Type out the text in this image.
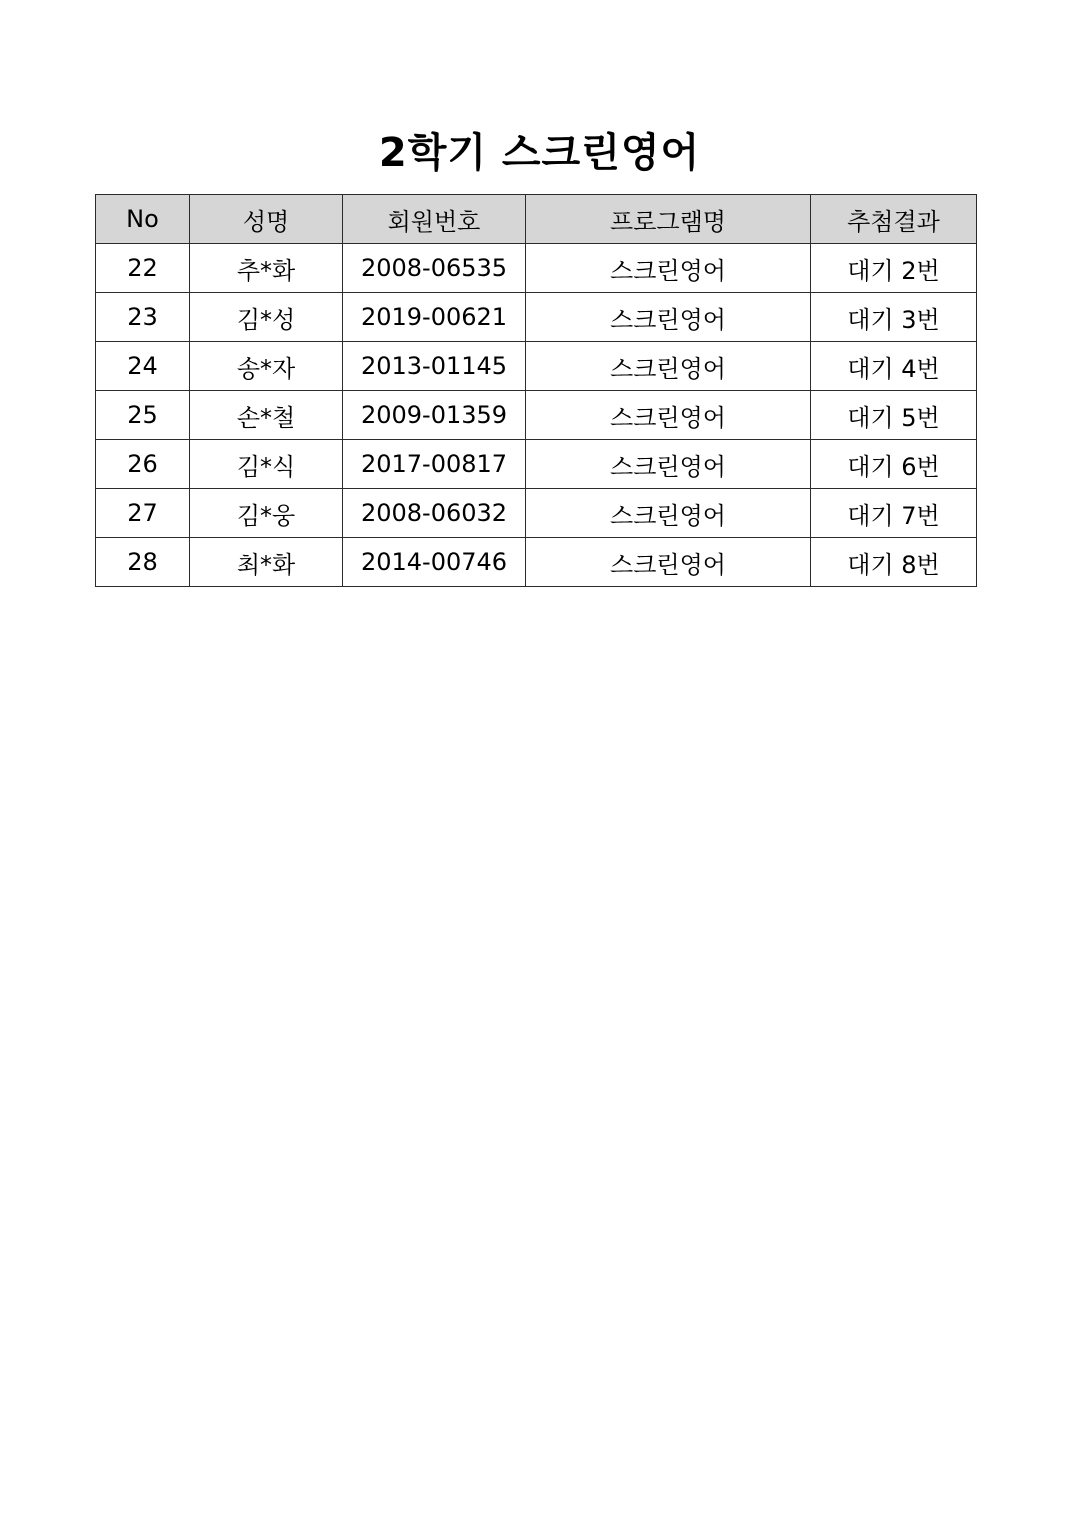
2학기 스크린영어
No	성명	회원번호	프로그램명	추첨결과
22	추*화	2008-06535	스크린영어	대기 2번
23	김*성	2019-00621	스크린영어	대기 3번
24	송*자	2013-01145	스크린영어	대기 4번
25	손*철	2009-01359	스크린영어	대기 5번
26	김*식	2017-00817	스크린영어	대기 6번
27	김*웅	2008-06032	스크린영어	대기 7번
28	최*화	2014-00746	스크린영어	대기 8번
